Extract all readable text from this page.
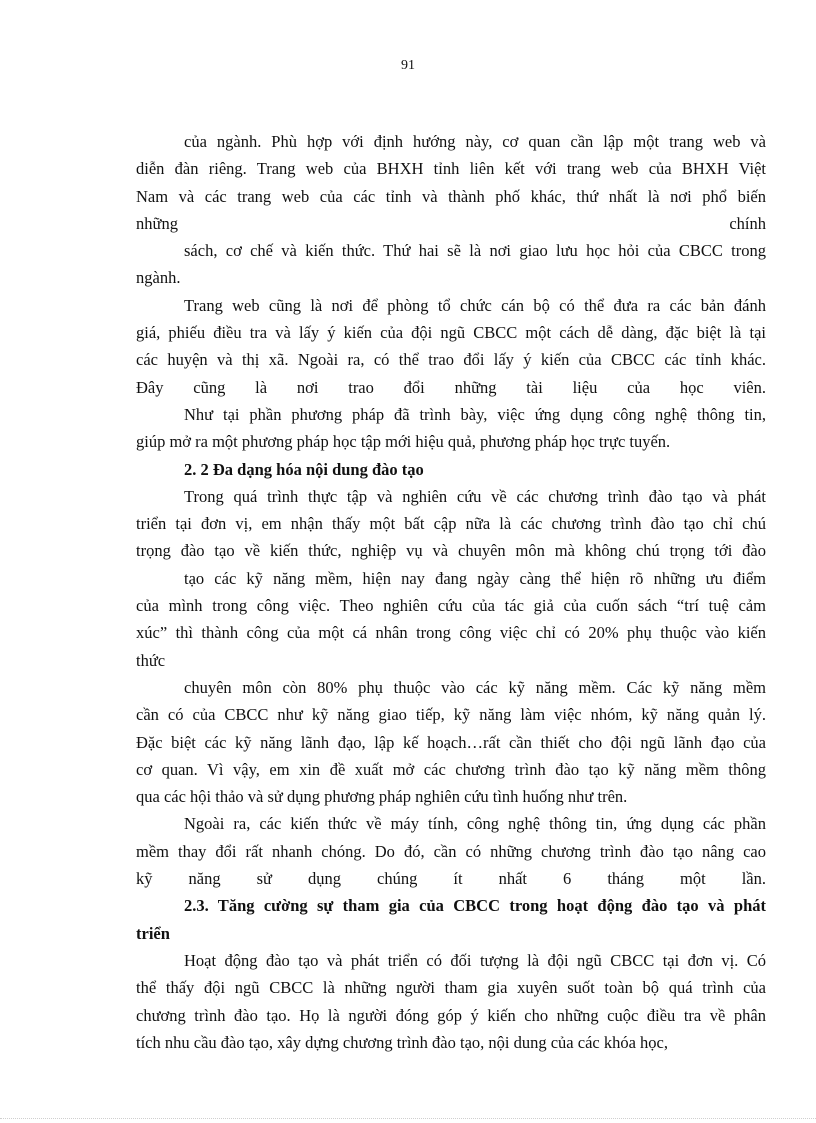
91
của ngành. Phù hợp với định hướng này, cơ quan cần lập một trang web và
diễn đàn riêng. Trang web của BHXH tỉnh liên kết với trang web của BHXH Việt
Nam và các trang web của các tỉnh và thành phố khác, thứ nhất là nơi phổ biến
những chính
sách, cơ chế và kiến thức. Thứ hai sẽ là nơi giao lưu học hỏi của CBCC trong
ngành.
Trang web cũng là nơi để phòng tổ chức cán bộ có thể đưa ra các bản đánh
giá, phiếu điều tra và lấy ý kiến của đội ngũ CBCC một cách dễ dàng, đặc biệt là tại
các huyện và thị xã. Ngoài ra, có thể trao đổi lấy ý kiến của CBCC các tỉnh khác.
Đây cũng là nơi trao đổi những tài liệu của học viên.
Như tại phần phương pháp đã trình bày, việc ứng dụng công nghệ thông tin,
giúp mở ra một phương pháp học tập mới hiệu quả, phương pháp học trực tuyến.
2. 2 Đa dạng hóa nội dung đào tạo
Trong quá trình thực tập và nghiên cứu về các chương trình đào tạo và phát
triển tại đơn vị, em nhận thấy một bất cập nữa là các chương trình đào tạo chỉ chú
trọng đào tạo về kiến thức, nghiệp vụ và chuyên môn mà không chú trọng tới đào
tạo các kỹ năng mềm, hiện nay đang ngày càng thể hiện rõ những ưu điểm
của mình trong công việc. Theo nghiên cứu của tác giả của cuốn sách “trí tuệ cảm
xúc” thì thành công của một cá nhân trong công việc chỉ có 20% phụ thuộc vào kiến
thức
chuyên môn còn 80% phụ thuộc vào các kỹ năng mềm. Các kỹ năng mềm
cần có của CBCC như kỹ năng giao tiếp, kỹ năng làm việc nhóm, kỹ năng quản lý.
Đặc biệt các kỹ năng lãnh đạo, lập kế hoạch…rất cần thiết cho đội ngũ lãnh đạo của
cơ quan. Vì vậy, em xin đề xuất mở các chương trình đào tạo kỹ năng mềm thông
qua các hội thảo và sử dụng phương pháp nghiên cứu tình huống như trên.
Ngoài ra, các kiến thức về máy tính, công nghệ thông tin, ứng dụng các phần
mềm thay đổi rất nhanh chóng. Do đó, cần có những chương trình đào tạo nâng cao
kỹ năng sử dụng chúng ít nhất 6 tháng một lần.
2.3. Tăng cường sự tham gia của CBCC trong hoạt động đào tạo và phát
triển
Hoạt động đào tạo và phát triển có đối tượng là đội ngũ CBCC tại đơn vị. Có
thể thấy đội ngũ CBCC là những người tham gia xuyên suốt toàn bộ quá trình của
chương trình đào tạo. Họ là người đóng góp ý kiến cho những cuộc điều tra về phân
tích nhu cầu đào tạo, xây dựng chương trình đào tạo, nội dung của các khóa học,
